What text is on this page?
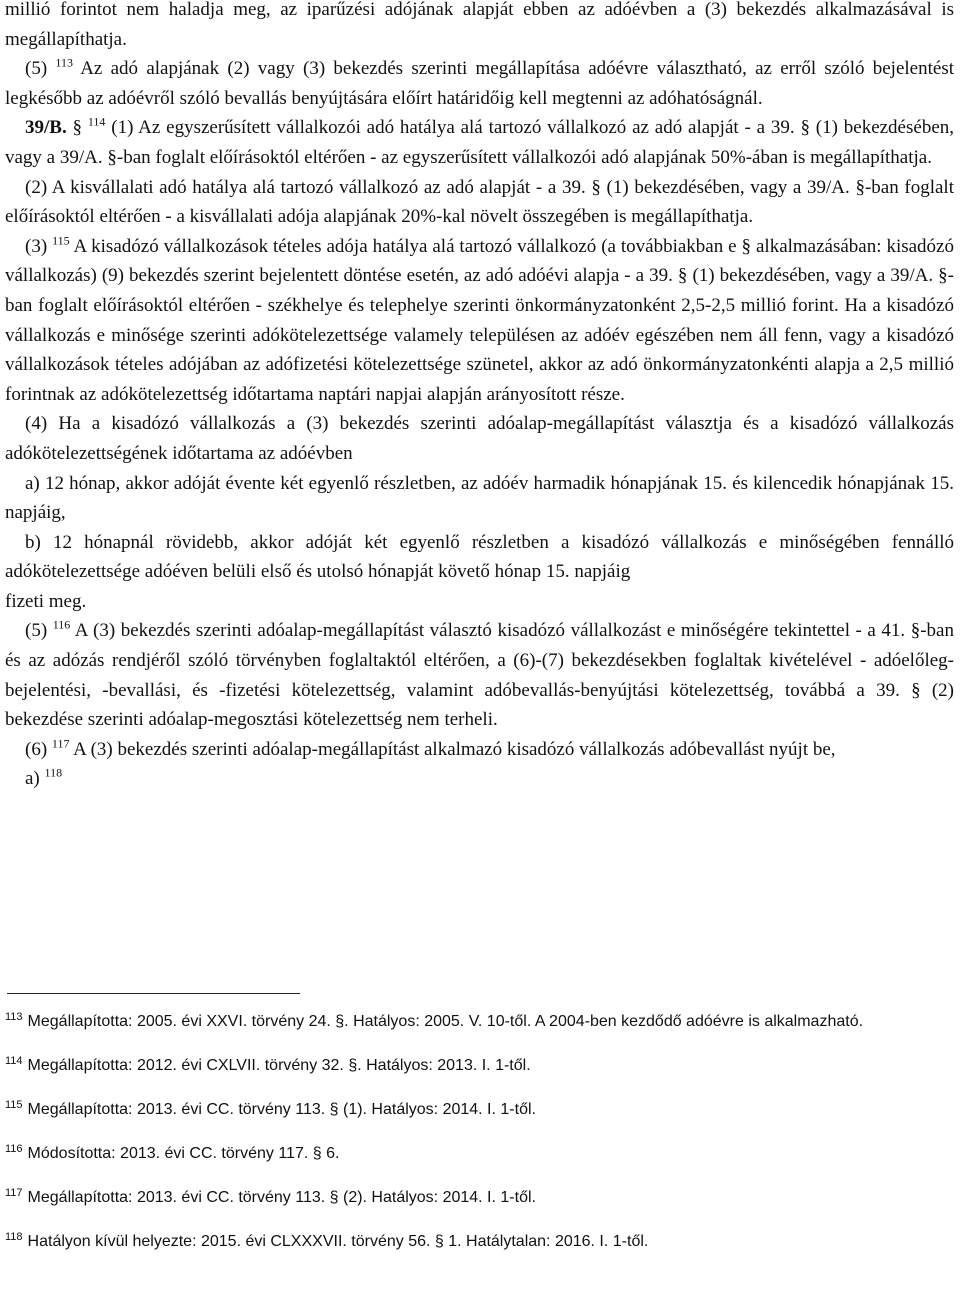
millió forintot nem haladja meg, az iparűzési adójának alapját ebben az adóévben a (3) bekezdés alkalmazásával is megállapíthatja.

(5) $^{113}$ Az adó alapjának (2) vagy (3) bekezdés szerinti megállapítása adóévre választható, az erről szóló bejelentést legkésőbb az adóévről szóló bevallás benyújtására előírt határidőig kell megtenni az adóhatóságnál.

39/B. § $^{114}$ (1) Az egyszerűsített vállalkozói adó hatálya alá tartozó vállalkozó az adó alapját - a 39. § (1) bekezdésében, vagy a 39/A. §-ban foglalt előírásoktól eltérően - az egyszerűsített vállalkozói adó alapjának 50%-ában is megállapíthatja.

(2) A kisvállalati adó hatálya alá tartozó vállalkozó az adó alapját - a 39. § (1) bekezdésében, vagy a 39/A. §-ban foglalt előírásoktól eltérően - a kisvállalati adója alapjának 20%-kal növelt összegében is megállapíthatja.

(3) $^{115}$ A kisadózó vállalkozások tételes adója hatálya alá tartozó vállalkozó (a továbbiakban e § alkalmazásában: kisadózó vállalkozás) (9) bekezdés szerint bejelentett döntése esetén, az adó adóévi alapja - a 39. § (1) bekezdésében, vagy a 39/A. §-ban foglalt előírásoktól eltérően - székhelye és telephelye szerinti önkormányzatonként 2,5-2,5 millió forint. Ha a kisadózó vállalkozás e minősége szerinti adókötelezettsége valamely településen az adóév egészében nem áll fenn, vagy a kisadózó vállalkozások tételes adójában az adófizetési kötelezettsége szünetel, akkor az adó önkormányzatonkénti alapja a 2,5 millió forintnak az adókötelezettség időtartama naptári napjai alapján arányosított része.

(4) Ha a kisadózó vállalkozás a (3) bekezdés szerinti adóalap-megállapítást választja és a kisadózó vállalkozás adókötelezettségének időtartama az adóévben

a) 12 hónap, akkor adóját évente két egyenlő részletben, az adóév harmadik hónapjának 15. és kilencedik hónapjának 15. napjáig,

b) 12 hónapnál rövidebb, akkor adóját két egyenlő részletben a kisadózó vállalkozás e minőségében fennálló adókötelezettsége adóéven belüli első és utolsó hónapját követő hónap 15. napjáig

fizeti meg.

(5) $^{116}$ A (3) bekezdés szerinti adóalap-megállapítást választó kisadózó vállalkozást e minőségére tekintettel - a 41. §-ban és az adózás rendjéről szóló törvényben foglaltaktól eltérően, a (6)-(7) bekezdésekben foglaltak kivételével - adóelőleg-bejelentési, -bevallási, és -fizetési kötelezettség, valamint adóbevallás-benyújtási kötelezettség, továbbá a 39. § (2) bekezdése szerinti adóalap-megosztási kötelezettség nem terheli.

(6) $^{117}$ A (3) bekezdés szerinti adóalap-megállapítást alkalmazó kisadózó vállalkozás adóbevallást nyújt be,

a) $^{118}$

$^{113}$ Megállapította: 2005. évi XXVI. törvény 24. §. Hatályos: 2005. V. 10-től. A 2004-ben kezdődő adóévre is alkalmazható.
$^{114}$ Megállapította: 2012. évi CXLVII. törvény 32. §. Hatályos: 2013. I. 1-től.
$^{115}$ Megállapította: 2013. évi CC. törvény 113. § (1). Hatályos: 2014. I. 1-től.
$^{116}$ Módosította: 2013. évi CC. törvény 117. § 6.
$^{117}$ Megállapította: 2013. évi CC. törvény 113. § (2). Hatályos: 2014. I. 1-től.
$^{118}$ Hatályon kívül helyezte: 2015. évi CLXXXVII. törvény 56. § 1. Hatálytalan: 2016. I. 1-től.
